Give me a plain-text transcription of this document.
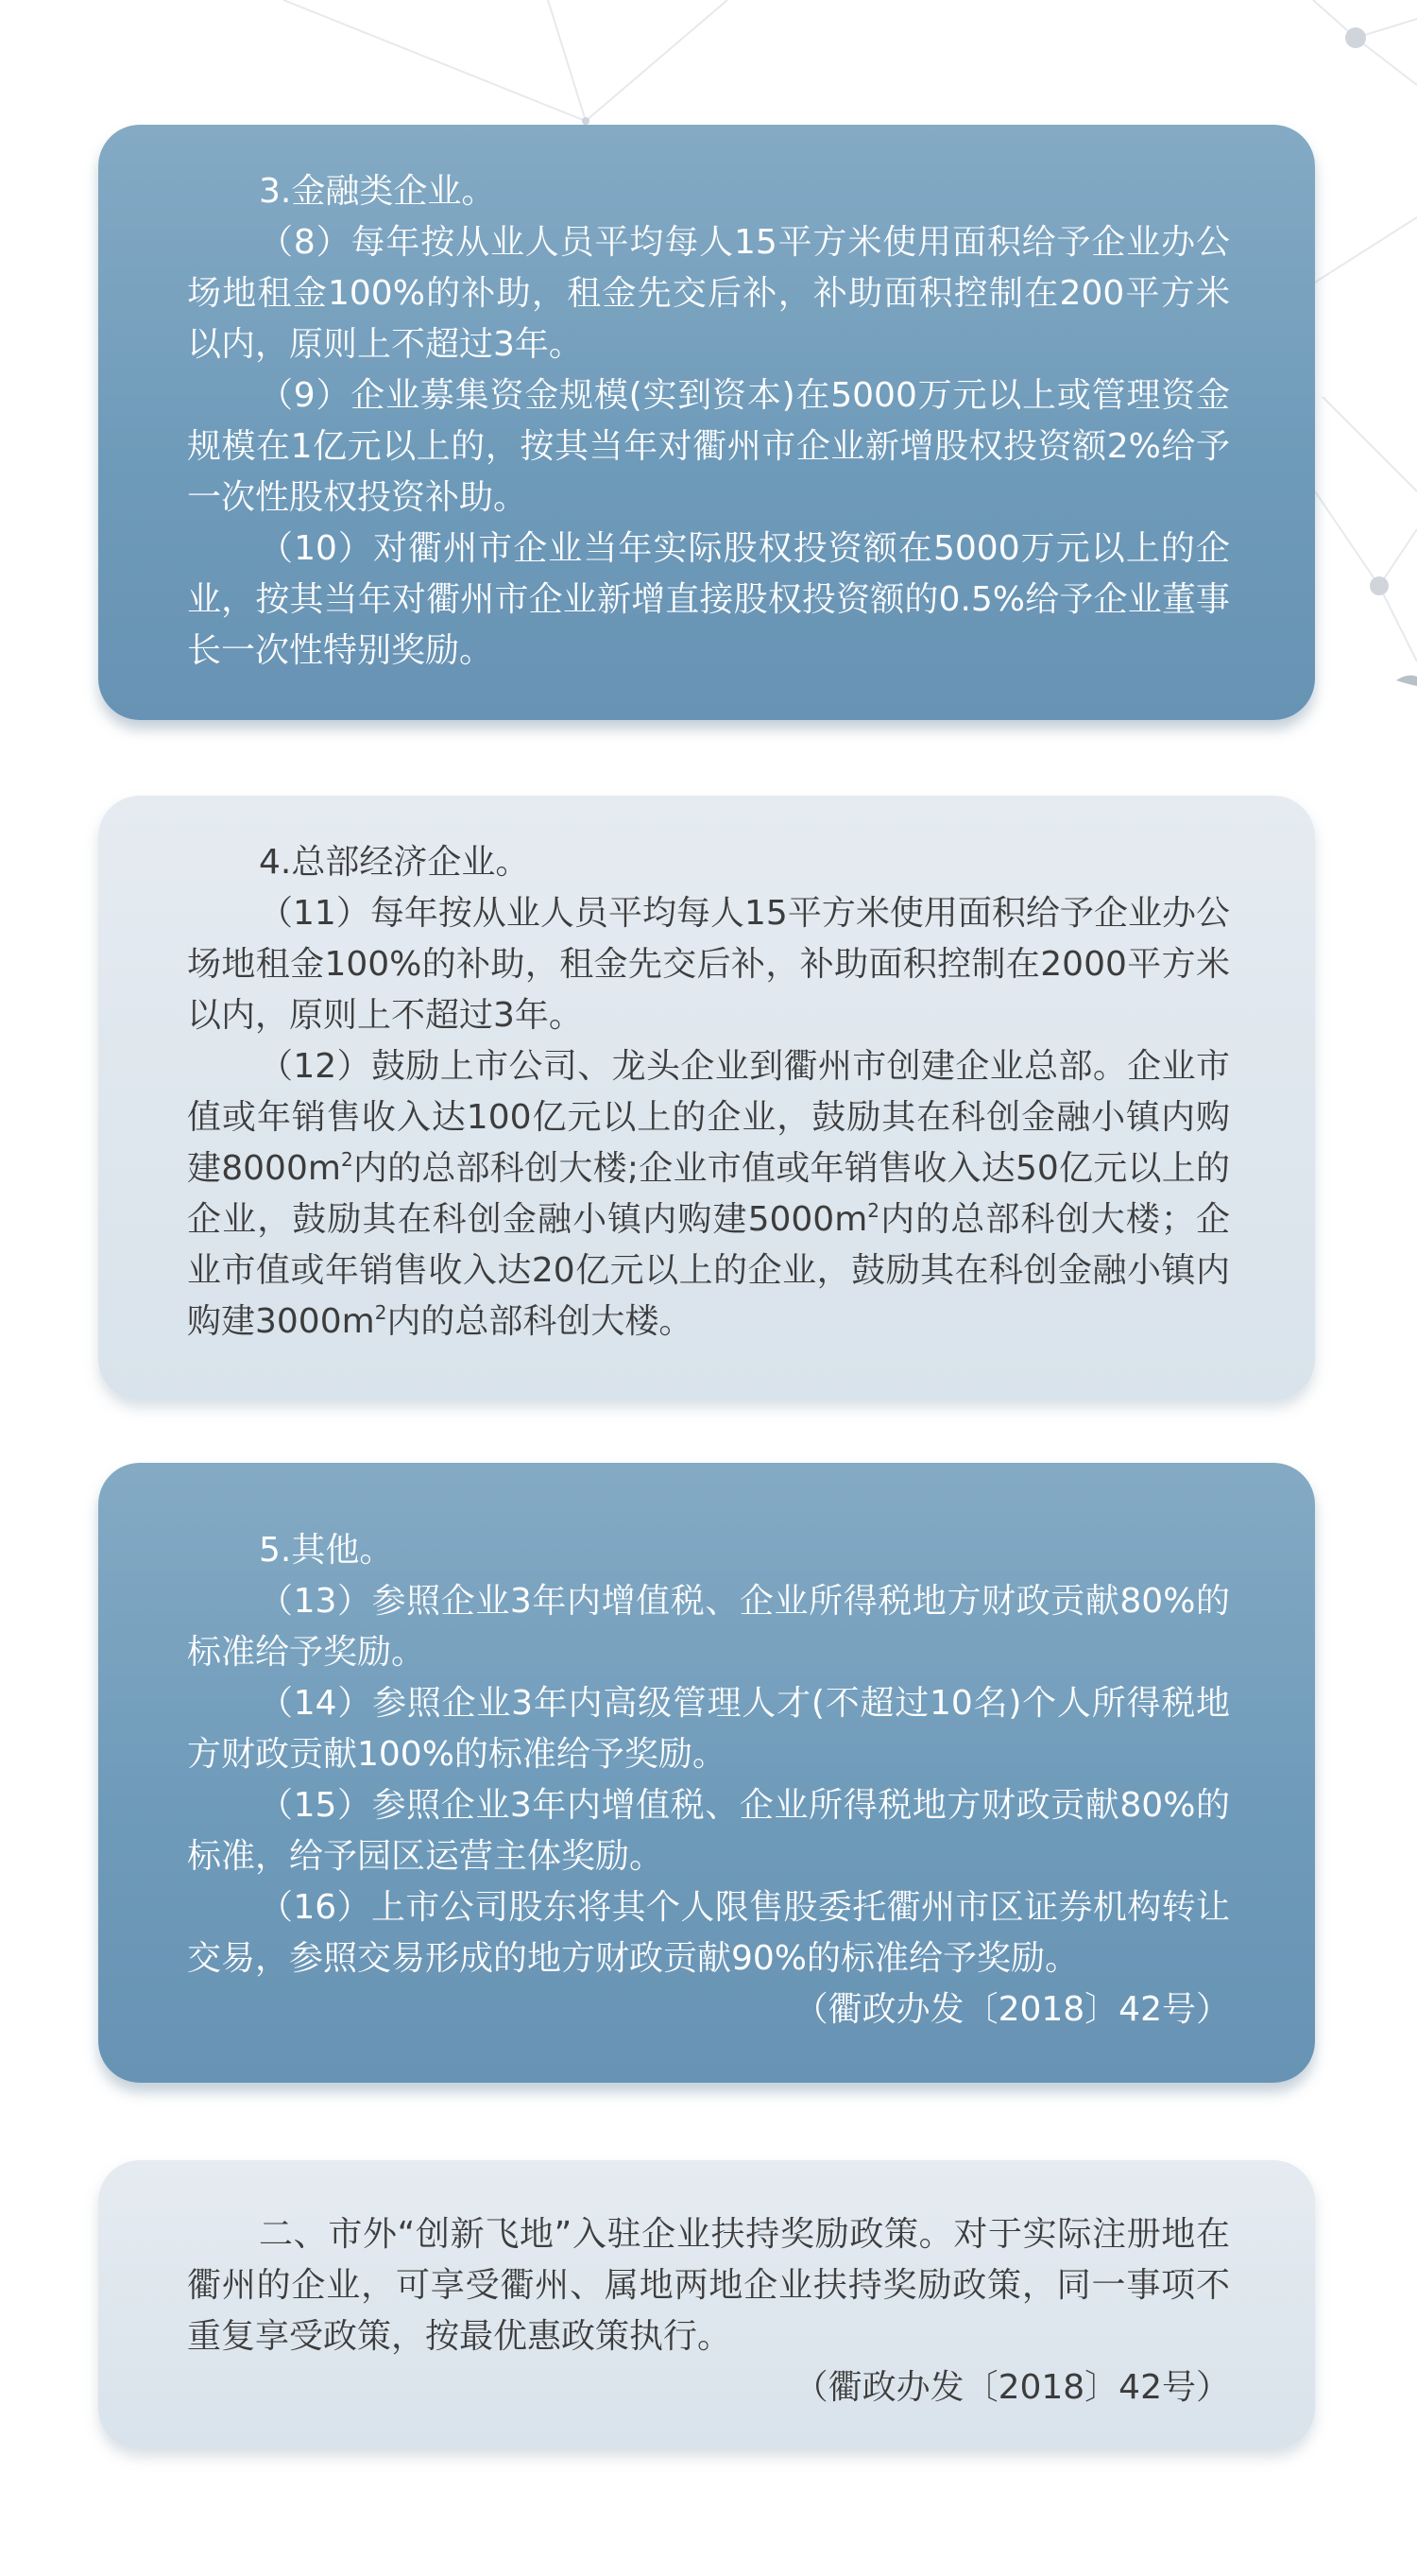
3.金融类企业。

（8）每年按从业人员平均每人15平方米使用面积给予企业办公场地租金100%的补助，租金先交后补，补助面积控制在200平方米以内，原则上不超过3年。

（9）企业募集资金规模(实到资本)在5000万元以上或管理资金规模在1亿元以上的，按其当年对衢州市企业新增股权投资额2%给予一次性股权投资补助。

（10）对衢州市企业当年实际股权投资额在5000万元以上的企业，按其当年对衢州市企业新增直接股权投资额的0.5%给予企业董事长一次性特别奖励。

4.总部经济企业。

（11）每年按从业人员平均每人15平方米使用面积给予企业办公场地租金100%的补助，租金先交后补，补助面积控制在2000平方米以内，原则上不超过3年。

（12）鼓励上市公司、龙头企业到衢州市创建企业总部。企业市值或年销售收入达100亿元以上的企业，鼓励其在科创金融小镇内购建$8000m^2$内的总部科创大楼;企业市值或年销售收入达50亿元以上的企业，鼓励其在科创金融小镇内购建$5000m^2$内的总部科创大楼；企业市值或年销售收入达20亿元以上的企业，鼓励其在科创金融小镇内购建$3000m^2$内的总部科创大楼。

5.其他。

（13）参照企业3年内增值税、企业所得税地方财政贡献80%的标准给予奖励。

（14）参照企业3年内高级管理人才(不超过10名)个人所得税地方财政贡献100%的标准给予奖励。

（15）参照企业3年内增值税、企业所得税地方财政贡献80%的标准，给予园区运营主体奖励。

（16）上市公司股东将其个人限售股委托衢州市区证券机构转让交易，参照交易形成的地方财政贡献90%的标准给予奖励。

（衢政办发〔2018〕42号）

二、市外“创新飞地”入驻企业扶持奖励政策。对于实际注册地在衢州的企业，可享受衢州、属地两地企业扶持奖励政策，同一事项不重复享受政策，按最优惠政策执行。

（衢政办发〔2018〕42号）
